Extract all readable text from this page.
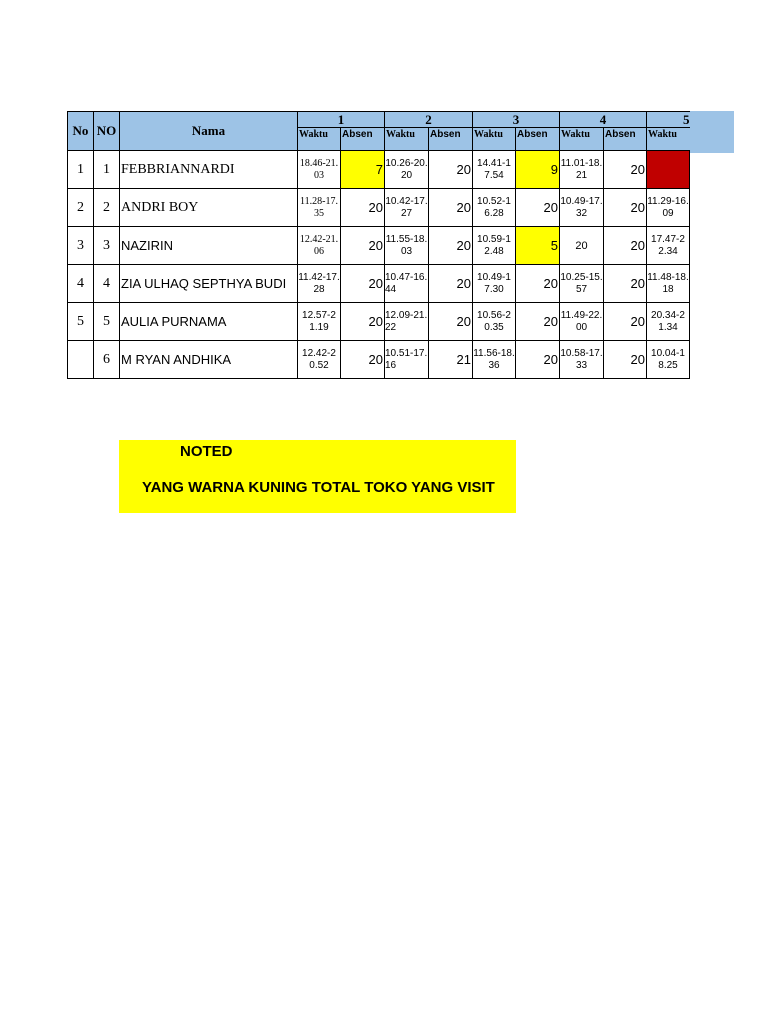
No	NO	Nama	1		2		3		4		5
			Waktu	Absen	Waktu	Absen	Waktu	Absen	Waktu	Absen	Waktu
1	1	FEBBRIANNARDI	18.46-21.03	7	10.26-20.20	20	14.41-17.54	9	11.01-18.21	20	
2	2	ANDRI BOY	11.28-17.35	20	10.42-17.27	20	10.52-16.28	20	10.49-17.32	20	11.29-16.09
3	3	NAZIRIN	12.42-21.06	20	11.55-18.03	20	10.59-12.48	5	20	20	17.47-22.34
4	4	ZIA ULHAQ SEPTHYA BUDI	11.42-17.28	20	10.47-16.44	20	10.49-17.30	20	10.25-15.57	20	11.48-18.18
5	5	AULIA PURNAMA	12.57-21.19	20	12.09-21.22	20	10.56-20.35	20	11.49-22.00	20	20.34-21.34
	6	M RYAN ANDHIKA	12.42-20.52	20	10.51-17.16	21	11.56-18.36	20	10.58-17.33	20	10.04-18.25
NOTED
YANG WARNA KUNING TOTAL TOKO YANG VISIT
